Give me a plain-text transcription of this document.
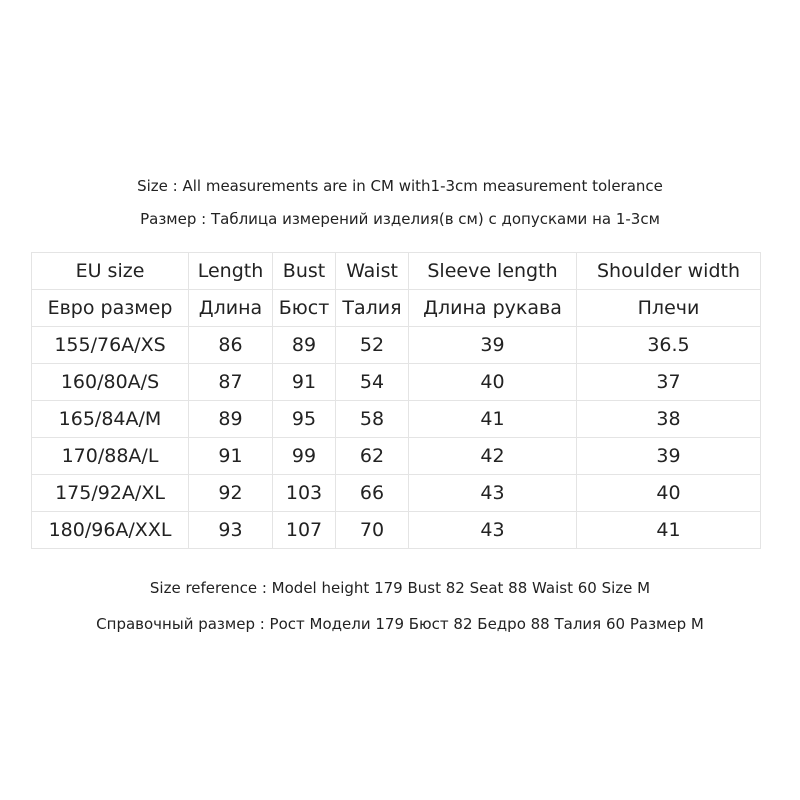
Size : All measurements are in CM with1-3cm measurement tolerance
Размер : Таблица измерений изделия(в см) с допусками на 1-3см
EU size	Length	Bust	Waist	Sleeve length	Shoulder width
Евро размер	Длина	Бюст	Талия	Длина рукава	Плечи
155/76A/XS	86	89	52	39	36.5
160/80A/S	87	91	54	40	37
165/84A/M	89	95	58	41	38
170/88A/L	91	99	62	42	39
175/92A/XL	92	103	66	43	40
180/96A/XXL	93	107	70	43	41
Size reference : Model height 179 Bust 82 Seat 88 Waist 60 Size M
Справочный размер : Рост Модели 179 Бюст 82 Бедро 88 Талия 60 Размер M
